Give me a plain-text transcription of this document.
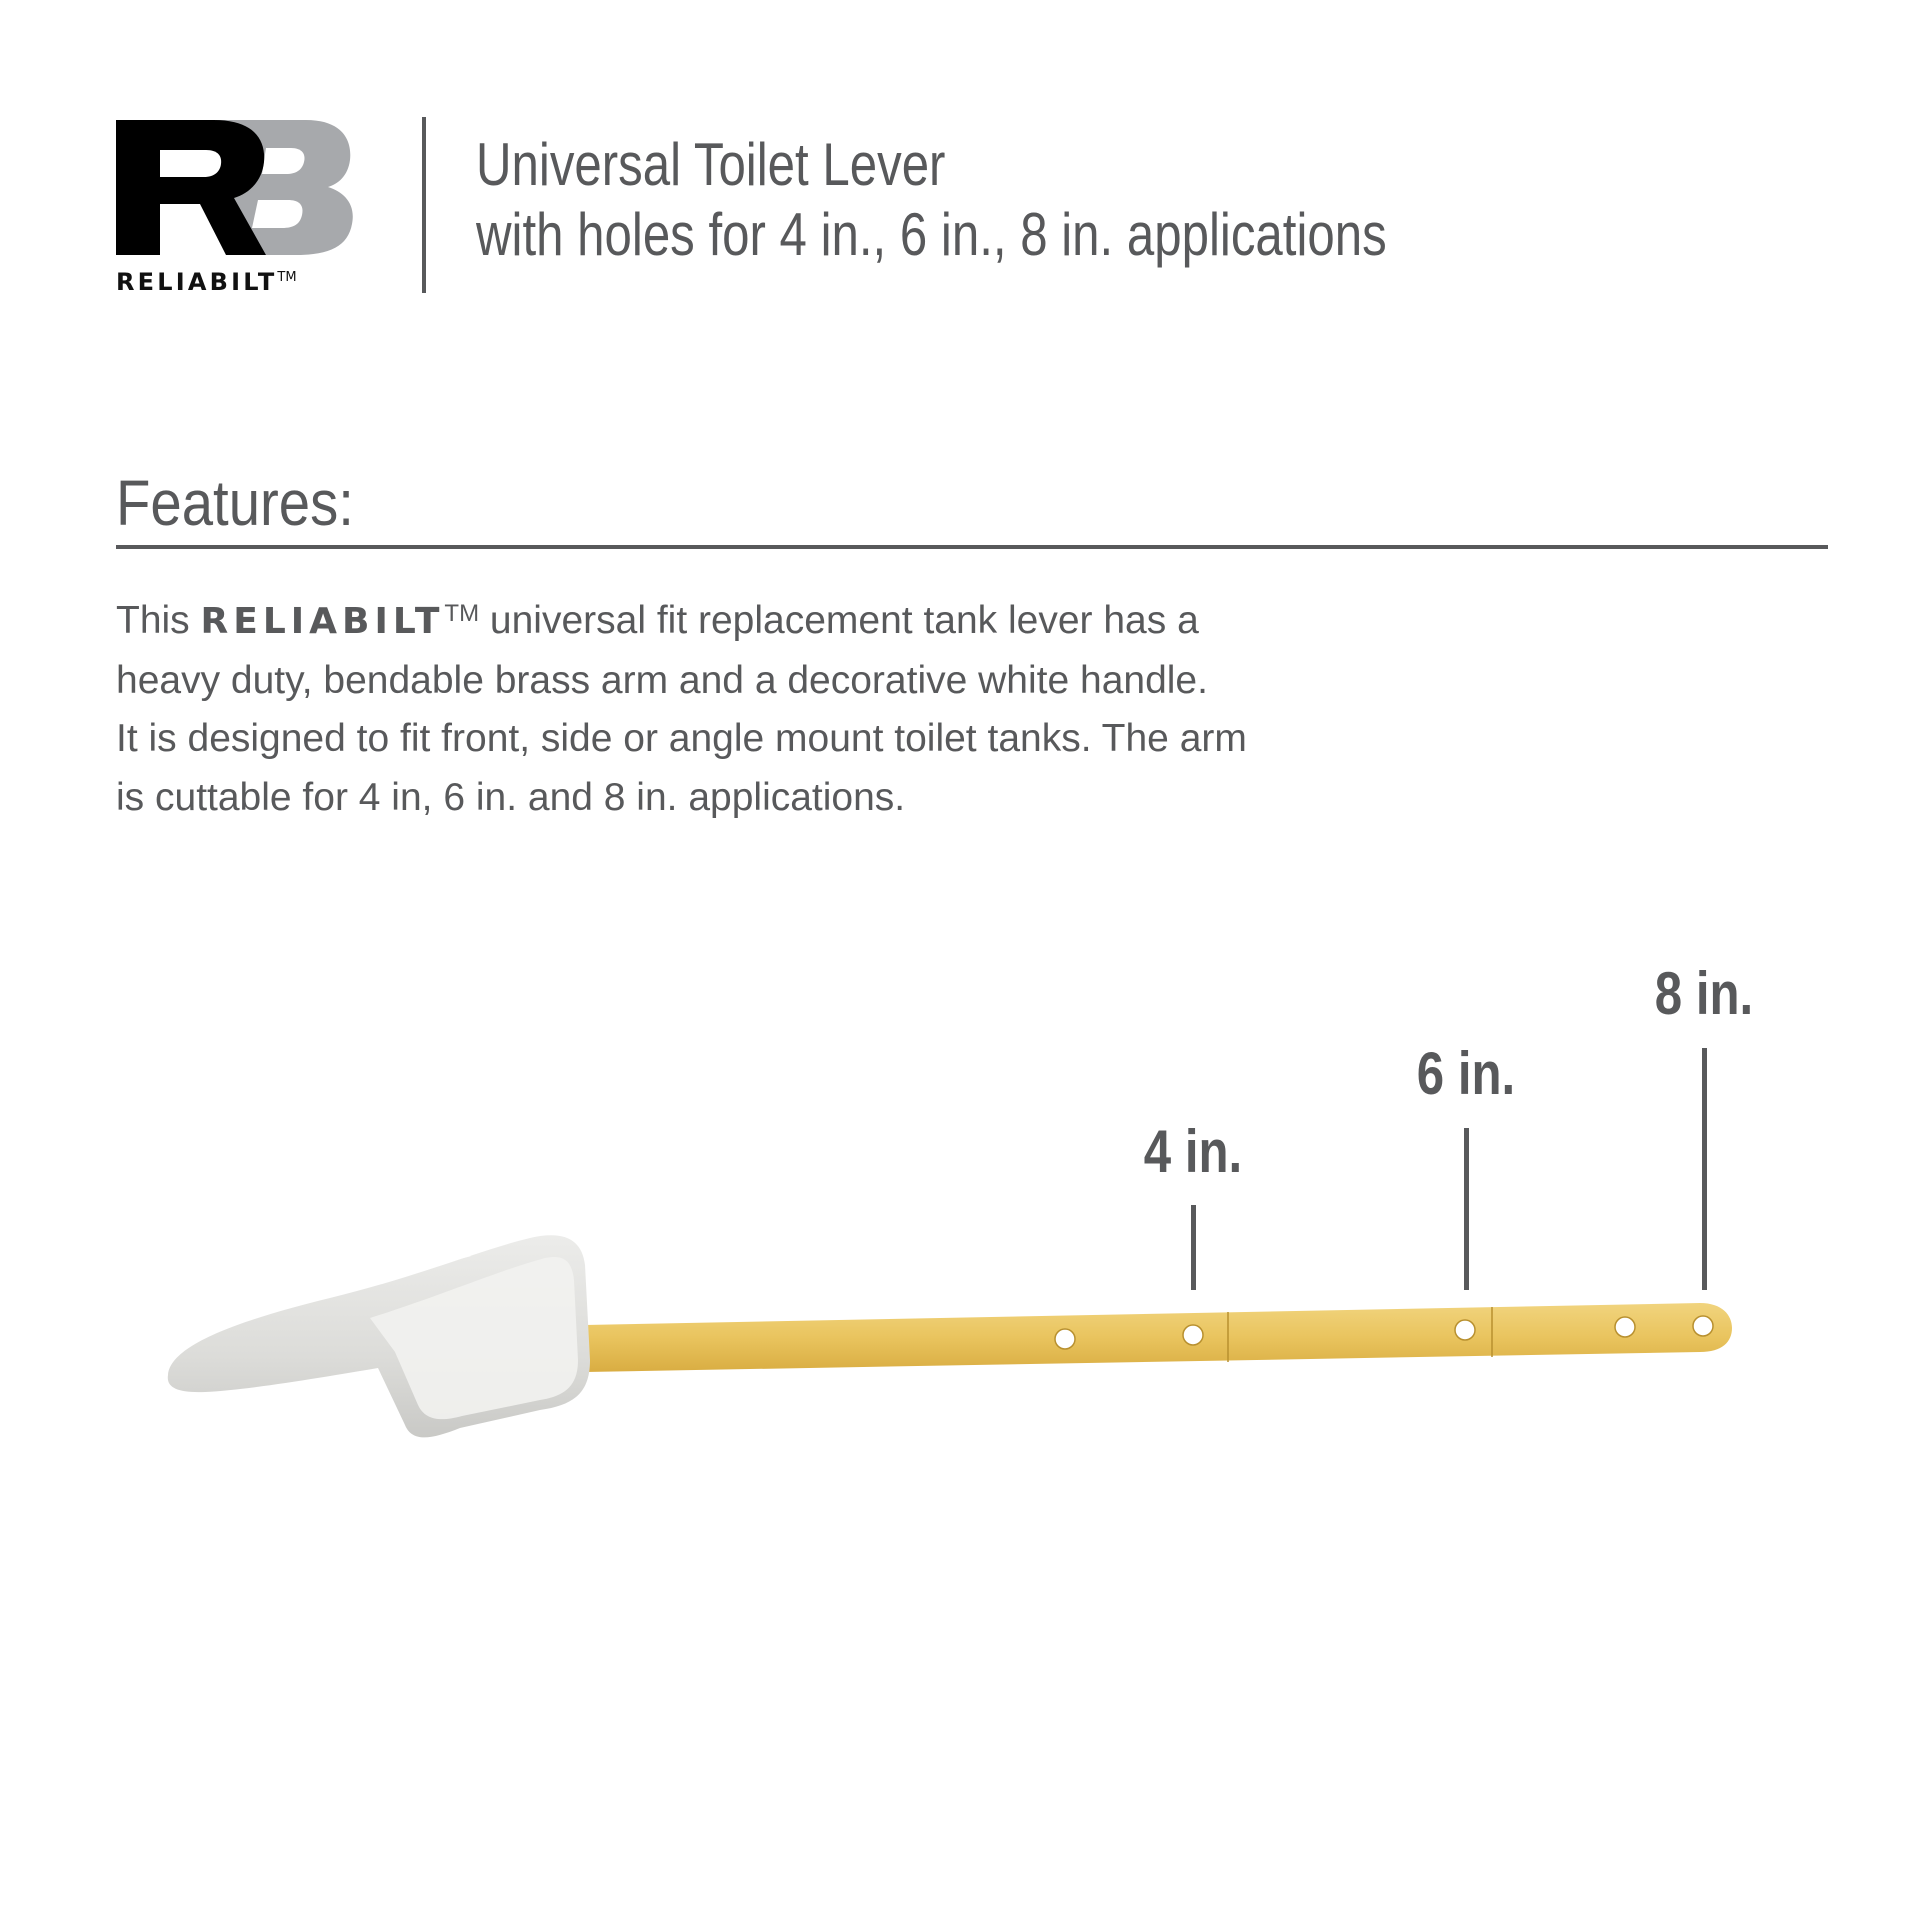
RELIABILT™
Universal Toilet Lever
with holes for 4 in., 6 in., 8 in. applications
Features:
This RELIABILT™ universal fit replacement tank lever has a
heavy duty, bendable brass arm and a decorative white handle.
It is designed to fit front, side or angle mount toilet tanks. The arm
is cuttable for 4 in, 6 in. and 8 in. applications.
4 in.
6 in.
8 in.
